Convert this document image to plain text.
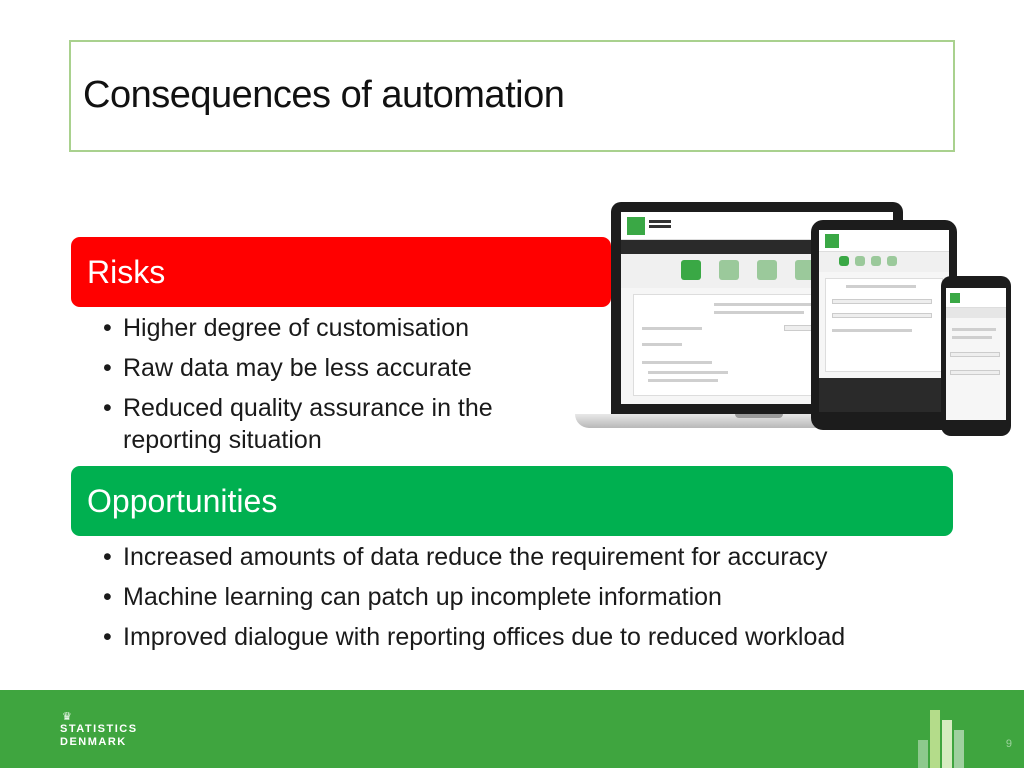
Consequences of automation
Risks
• Higher degree of customisation
• Raw data may be less accurate
• Reduced quality assurance in the reporting situation
Opportunities
• Increased amounts of data reduce the requirement for accuracy
• Machine learning can patch up incomplete information
• Improved dialogue with reporting offices due to reduced workload
♛
STATISTICS
DENMARK	9
